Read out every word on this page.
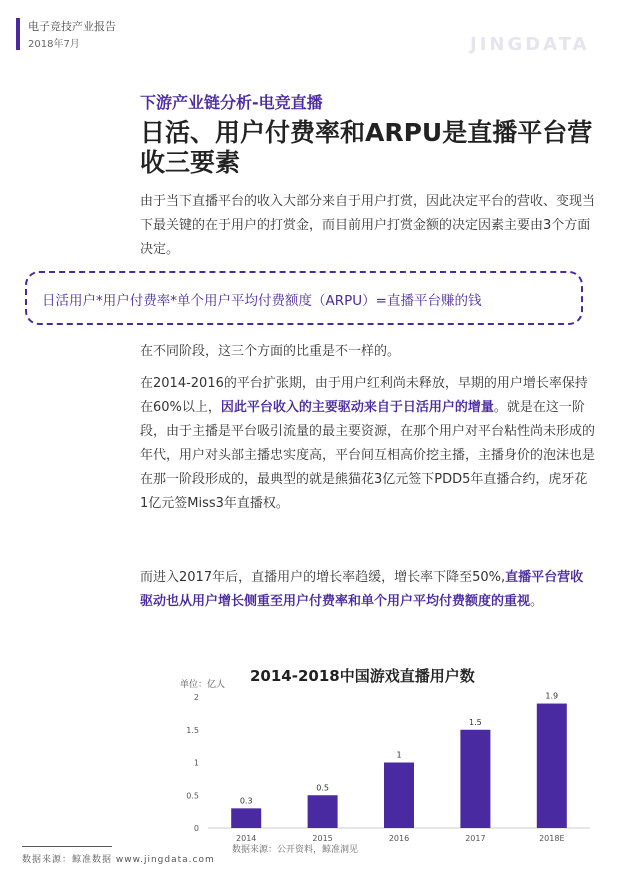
电子竞技产业报告
2018年7月	JINGDATA
下游产业链分析-电竞直播
日活、用户付费率和ARPU是直播平台营收三要素
由于当下直播平台的收入大部分来自于用户打赏，因此决定平台的营收、变现当下最关键的在于用户的打赏金，而目前用户打赏金额的决定因素主要由3个方面决定。
日活用户*用户付费率*单个用户平均付费额度（ARPU）=直播平台赚的钱
在不同阶段，这三个方面的比重是不一样的。
在2014-2016的平台扩张期，由于用户红利尚未释放，早期的用户增长率保持在60%以上，因此平台收入的主要驱动来自于日活用户的增量。就是在这一阶段，由于主播是平台吸引流量的最主要资源，在那个用户对平台粘性尚未形成的年代，用户对头部主播忠实度高，平台间互相高价挖主播，主播身价的泡沫也是在那一阶段形成的，最典型的就是熊猫花3亿元签下PDD5年直播合约，虎牙花1亿元签Miss3年直播权。
而进入2017年后，直播用户的增长率趋缓，增长率下降至50%,直播平台营收驱动也从用户增长侧重至用户付费率和单个用户平均付费额度的重视。
2014-2018中国游戏直播用户数
单位：亿人
0
0.5
1
1.5
2
0.3
2014
0.5
2015
1
2016
1.5
2017
1.9
2018E
数据来源：公开资料，鲸准洞见
数据来源：鲸准数据 www.jingdata.com
